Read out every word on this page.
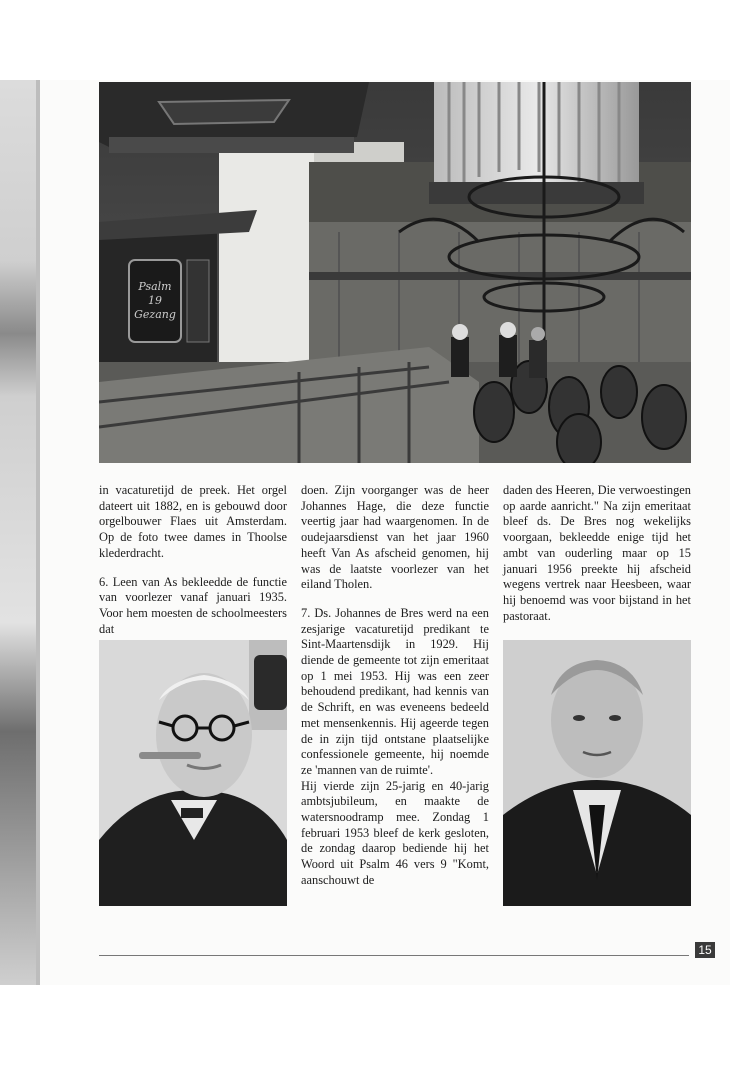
Psalm
19
Gezang

in vacaturetijd de preek. Het orgel dateert uit 1882, en is gebouwd door orgelbouwer Flaes uit Amsterdam. Op de foto twee dames in Thoolse klederdracht.

6. Leen van As bekleedde de functie van voorlezer vanaf januari 1935. Voor hem moesten de schoolmeesters dat

doen. Zijn voorganger was de heer Johannes Hage, die deze functie veertig jaar had waargenomen. In de oudejaarsdienst van het jaar 1960 heeft Van As afscheid genomen, hij was de laatste voorlezer van het eiland Tholen.

7. Ds. Johannes de Bres werd na een zesjarige vacaturetijd predikant te Sint-Maartensdijk in 1929. Hij diende de gemeente tot zijn emeritaat op 1 mei 1953. Hij was een zeer behoudend predikant, had kennis van de Schrift, en was eveneens bedeeld met mensenkennis. Hij ageerde tegen de in zijn tijd ontstane plaatselijke confessionele gemeente, hij noemde ze 'mannen van de ruimte'.

Hij vierde zijn 25-jarig en 40-jarig ambtsjubileum, en maakte de watersnoodramp mee. Zondag 1 februari 1953 bleef de kerk gesloten, de zondag daarop bediende hij het Woord uit Psalm 46 vers 9 "Komt, aanschouwt de

daden des Heeren, Die verwoestingen op aarde aanricht." Na zijn emeritaat bleef ds. De Bres nog wekelijks voorgaan, bekleedde enige tijd het ambt van ouderling maar op 15 januari 1956 preekte hij afscheid wegens vertrek naar Heesbeen, waar hij benoemd was voor bijstand in het pastoraat.

15
